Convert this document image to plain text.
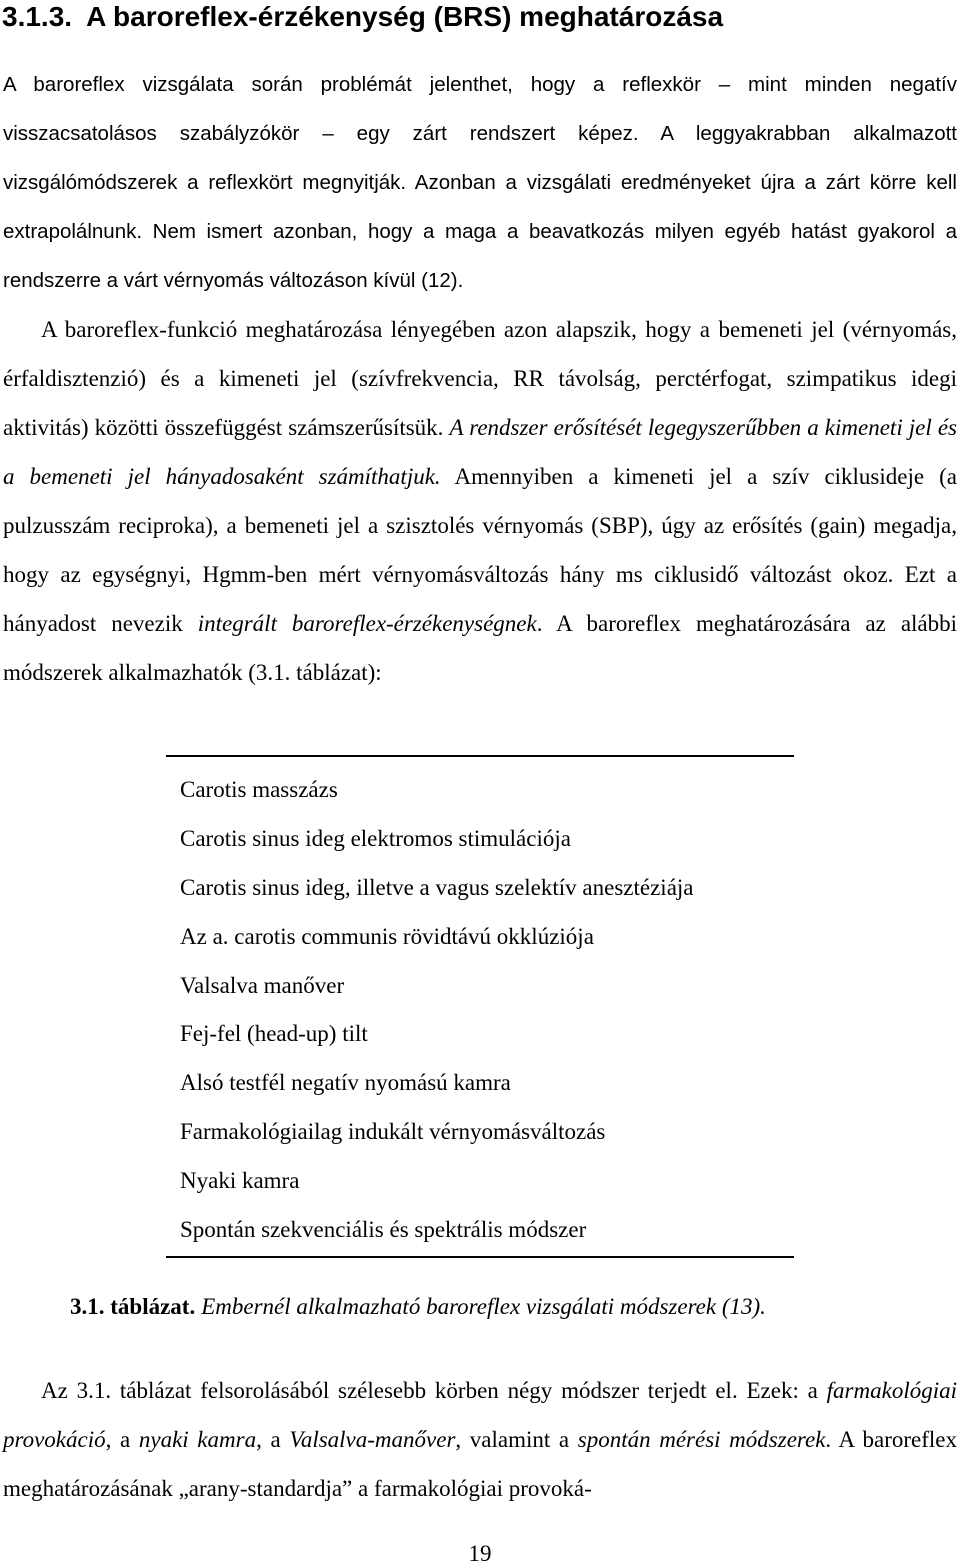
3.1.3. A baroreflex-érzékenység (BRS) meghatározása

A baroreflex vizsgálata során problémát jelenthet, hogy a reflexkör – mint minden negatív visszacsatolásos szabályzókör – egy zárt rendszert képez. A leggyakrabban alkalmazott vizsgálómódszerek a reflexkört megnyitják. Azonban a vizsgálati eredményeket újra a zárt körre kell extrapolálnunk. Nem ismert azonban, hogy a maga a beavatkozás milyen egyéb hatást gyakorol a rendszerre a várt vérnyomás változáson kívül (12).

A baroreflex-funkció meghatározása lényegében azon alapszik, hogy a bemeneti jel (vérnyomás, érfaldisztenzió) és a kimeneti jel (szívfrekvencia, RR távolság, perctérfogat, szimpatikus idegi aktivitás) közötti összefüggést számszerűsítsük. A rendszer erősítését legegyszerűbben a kimeneti jel és a bemeneti jel hányadosaként számíthatjuk. Amennyiben a kimeneti jel a szív ciklusideje (a pulzusszám reciproka), a bemeneti jel a szisztolés vérnyomás (SBP), úgy az erősítés (gain) megadja, hogy az egységnyi, Hgmm-ben mért vérnyomásváltozás hány ms ciklusidő változást okoz. Ezt a hányadost nevezik integrált baroreflex-érzékenységnek. A baroreflex meghatározására az alábbi módszerek alkalmazhatók (3.1. táblázat):

Carotis masszázs
Carotis sinus ideg elektromos stimulációja
Carotis sinus ideg, illetve a vagus szelektív anesztéziája
Az a. carotis communis rövidtávú okklúziója
Valsalva manőver
Fej-fel (head-up) tilt
Alsó testfél negatív nyomású kamra
Farmakológiailag indukált vérnyomásváltozás
Nyaki kamra
Spontán szekvenciális és spektrális módszer

3.1. táblázat. Embernél alkalmazható baroreflex vizsgálati módszerek (13).

Az 3.1. táblázat felsorolásából szélesebb körben négy módszer terjedt el. Ezek: a farmakológiai provokáció, a nyaki kamra, a Valsalva-manőver, valamint a spontán mérési módszerek. A baroreflex meghatározásának „arany-standardja” a farmakológiai provoká-

19
